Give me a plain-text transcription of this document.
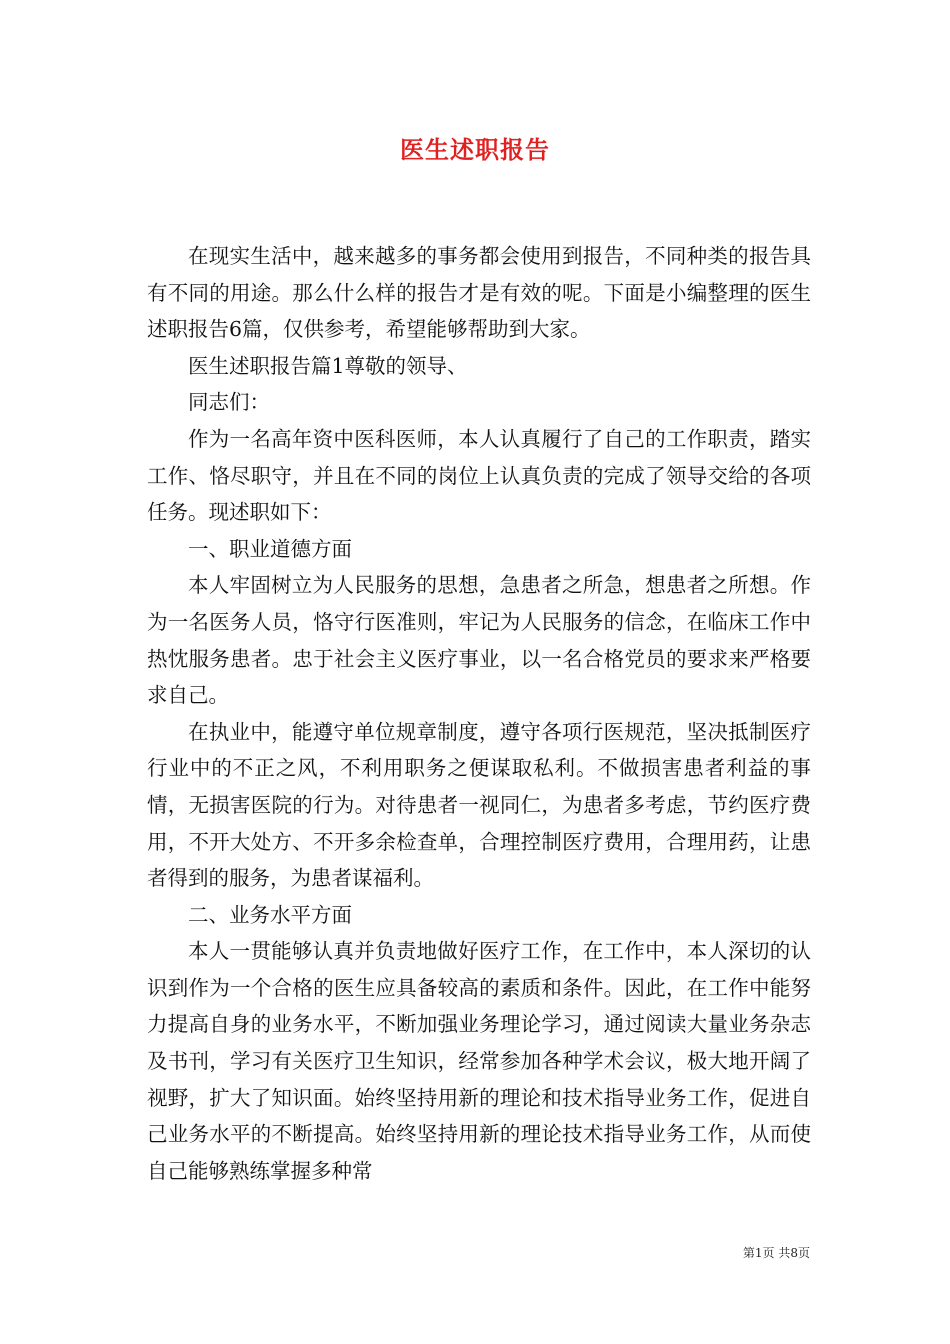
医生述职报告

在现实生活中，越来越多的事务都会使用到报告，不同种类的报告具有不同的用途。那么什么样的报告才是有效的呢。下面是小编整理的医生述职报告6篇，仅供参考，希望能够帮助到大家。

医生述职报告篇1尊敬的领导、

同志们：

作为一名高年资中医科医师，本人认真履行了自己的工作职责，踏实工作、恪尽职守，并且在不同的岗位上认真负责的完成了领导交给的各项任务。现述职如下：

一、职业道德方面

本人牢固树立为人民服务的思想，急患者之所急，想患者之所想。作为一名医务人员，恪守行医准则，牢记为人民服务的信念，在临床工作中热忱服务患者。忠于社会主义医疗事业，以一名合格党员的要求来严格要求自己。

在执业中，能遵守单位规章制度，遵守各项行医规范，坚决抵制医疗行业中的不正之风，不利用职务之便谋取私利。不做损害患者利益的事情，无损害医院的行为。对待患者一视同仁，为患者多考虑，节约医疗费用，不开大处方、不开多余检查单，合理控制医疗费用，合理用药，让患者得到的服务，为患者谋福利。

二、业务水平方面

本人一贯能够认真并负责地做好医疗工作，在工作中，本人深切的认识到作为一个合格的医生应具备较高的素质和条件。因此，在工作中能努力提高自身的业务水平，不断加强业务理论学习，通过阅读大量业务杂志及书刊，学习有关医疗卫生知识，经常参加各种学术会议，极大地开阔了视野，扩大了知识面。始终坚持用新的理论和技术指导业务工作，促进自己业务水平的不断提高。始终坚持用新的理论技术指导业务工作，从而使自己能够熟练掌握多种常

第1页 共8页
